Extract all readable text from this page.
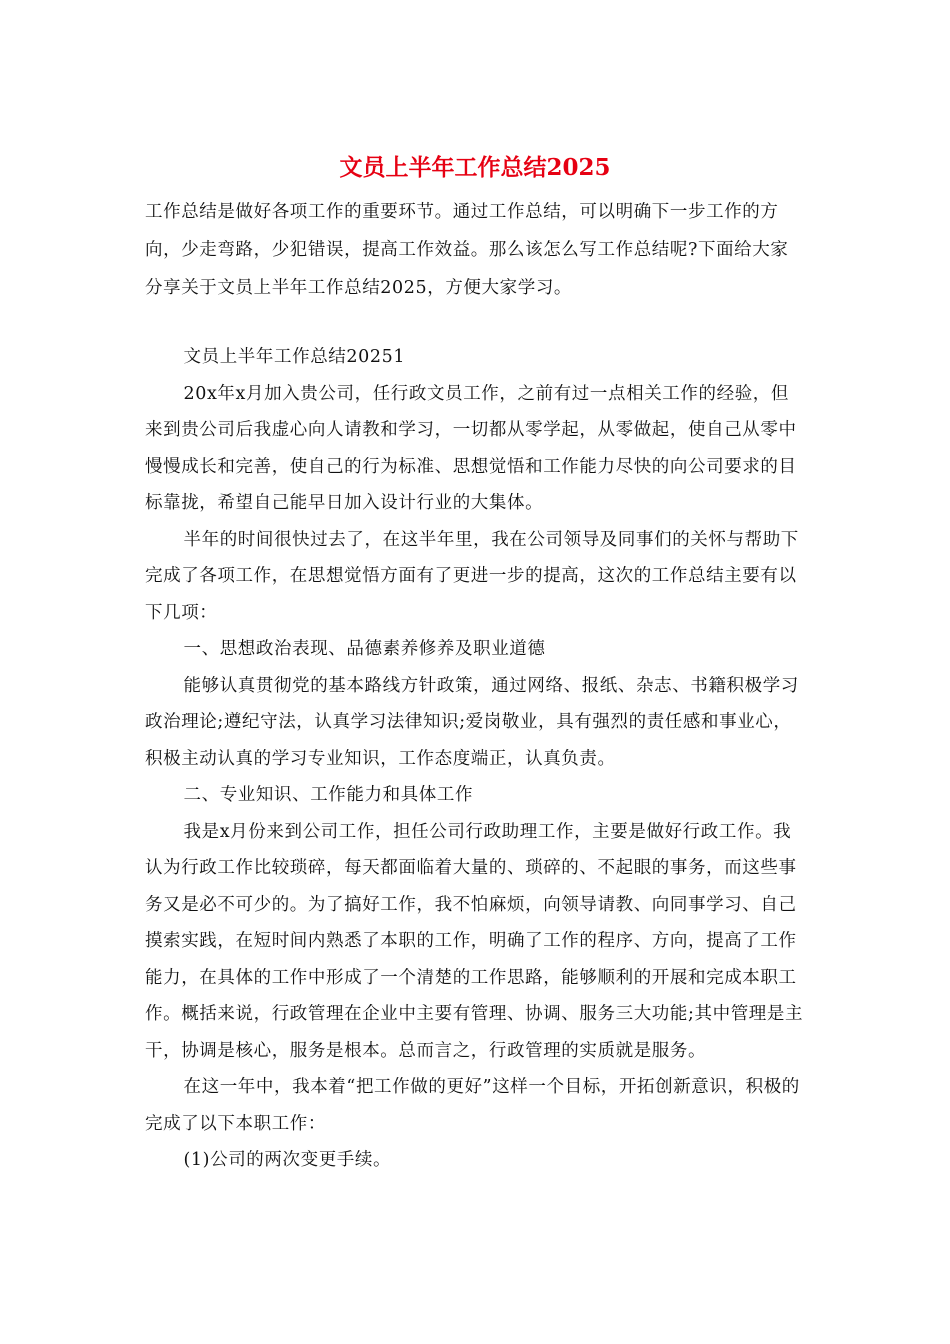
文员上半年工作总结2025

工作总结是做好各项工作的重要环节。通过工作总结，可以明确下一步工作的方向，少走弯路，少犯错误，提高工作效益。那么该怎么写工作总结呢?下面给大家分享关于文员上半年工作总结2025，方便大家学习。

文员上半年工作总结20251

20x年x月加入贵公司，任行政文员工作，之前有过一点相关工作的经验，但来到贵公司后我虚心向人请教和学习，一切都从零学起，从零做起，使自己从零中慢慢成长和完善，使自己的行为标准、思想觉悟和工作能力尽快的向公司要求的目标靠拢，希望自己能早日加入设计行业的大集体。

半年的时间很快过去了，在这半年里，我在公司领导及同事们的关怀与帮助下完成了各项工作，在思想觉悟方面有了更进一步的提高，这次的工作总结主要有以下几项：

一、思想政治表现、品德素养修养及职业道德

能够认真贯彻党的基本路线方针政策，通过网络、报纸、杂志、书籍积极学习政治理论;遵纪守法，认真学习法律知识;爱岗敬业，具有强烈的责任感和事业心，积极主动认真的学习专业知识，工作态度端正，认真负责。

二、专业知识、工作能力和具体工作

我是x月份来到公司工作，担任公司行政助理工作，主要是做好行政工作。我认为行政工作比较琐碎，每天都面临着大量的、琐碎的、不起眼的事务，而这些事务又是必不可少的。为了搞好工作，我不怕麻烦，向领导请教、向同事学习、自己摸索实践，在短时间内熟悉了本职的工作，明确了工作的程序、方向，提高了工作能力，在具体的工作中形成了一个清楚的工作思路，能够顺利的开展和完成本职工作。概括来说，行政管理在企业中主要有管理、协调、服务三大功能;其中管理是主干，协调是核心，服务是根本。总而言之，行政管理的实质就是服务。

在这一年中，我本着“把工作做的更好”这样一个目标，开拓创新意识，积极的完成了以下本职工作：

(1)公司的两次变更手续。
